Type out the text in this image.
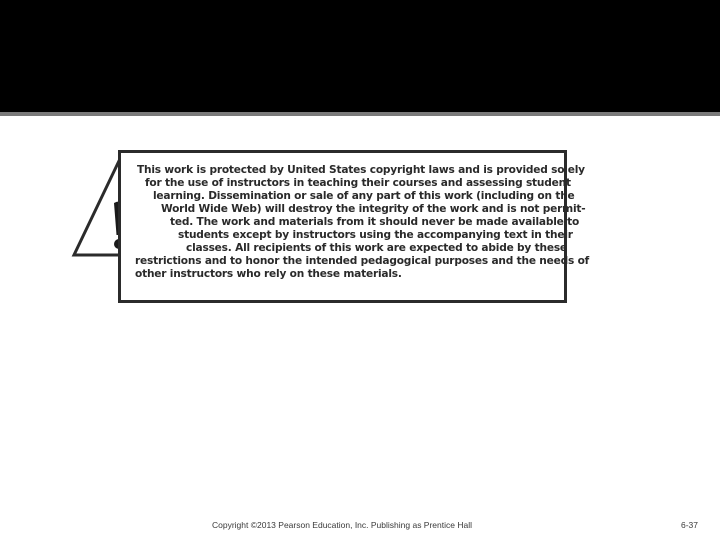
This work is protected by United States copyright laws and is provided solely
for the use of instructors in teaching their courses and assessing student
learning. Dissemination or sale of any part of this work (including on the
World Wide Web) will destroy the integrity of the work and is not permit-
ted. The work and materials from it should never be made available to
students except by instructors using the accompanying text in their
classes. All recipients of this work are expected to abide by these
restrictions and to honor the intended pedagogical purposes and the needs of
other instructors who rely on these materials.
Copyright ©2013 Pearson Education, Inc. Publishing as Prentice Hall	6-37
